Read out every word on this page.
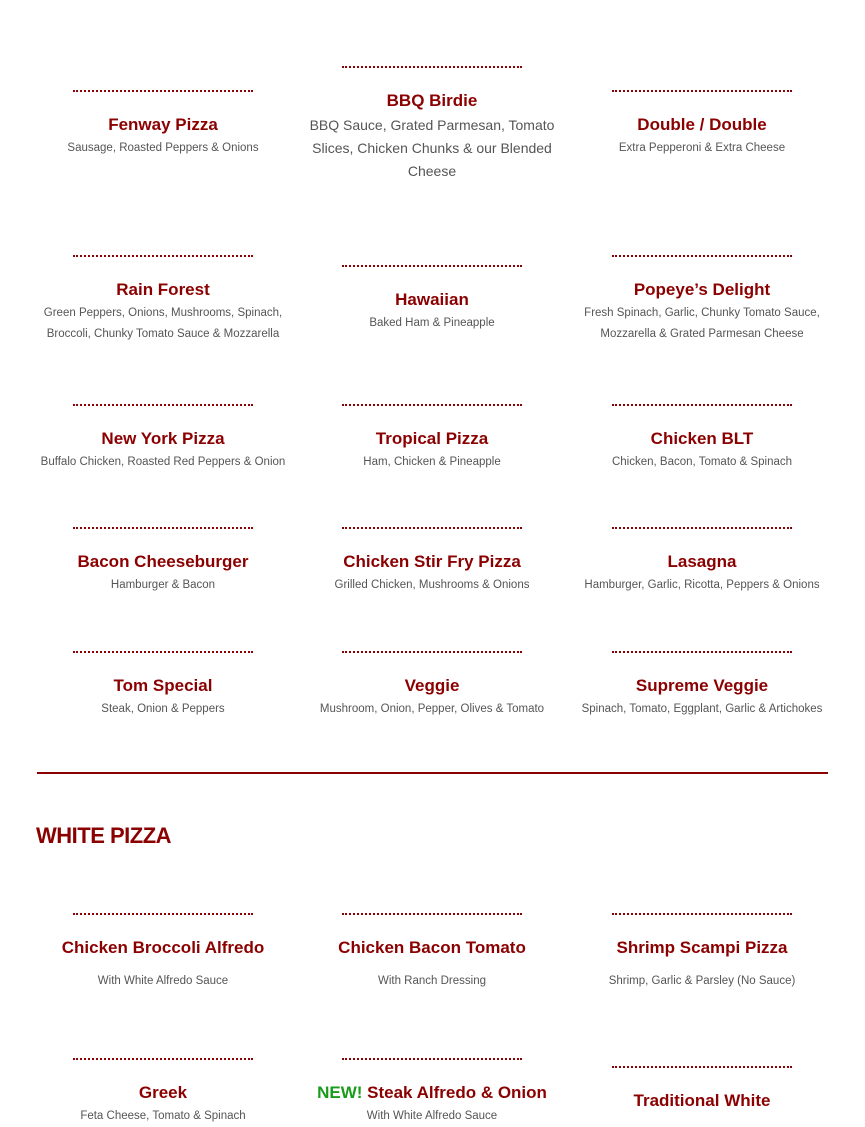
Fenway Pizza
Sausage, Roasted Peppers & Onions
BBQ Birdie
BBQ Sauce, Grated Parmesan, Tomato Slices, Chicken Chunks & our Blended Cheese
Double / Double
Extra Pepperoni & Extra Cheese
Rain Forest
Green Peppers, Onions, Mushrooms, Spinach, Broccoli, Chunky Tomato Sauce & Mozzarella
Hawaiian
Baked Ham & Pineapple
Popeye’s Delight
Fresh Spinach, Garlic, Chunky Tomato Sauce, Mozzarella & Grated Parmesan Cheese
New York Pizza
Buffalo Chicken, Roasted Red Peppers & Onion
Tropical Pizza
Ham, Chicken & Pineapple
Chicken BLT
Chicken, Bacon, Tomato & Spinach
Bacon Cheeseburger
Hamburger & Bacon
Chicken Stir Fry Pizza
Grilled Chicken, Mushrooms & Onions
Lasagna
Hamburger, Garlic, Ricotta, Peppers & Onions
Tom Special
Steak, Onion & Peppers
Veggie
Mushroom, Onion, Pepper, Olives & Tomato
Supreme Veggie
Spinach, Tomato, Eggplant, Garlic & Artichokes
WHITE PIZZA
Chicken Broccoli Alfredo
With White Alfredo Sauce
Chicken Bacon Tomato
With Ranch Dressing
Shrimp Scampi Pizza
Shrimp, Garlic & Parsley (No Sauce)
Greek
Feta Cheese, Tomato & Spinach
NEW! Steak Alfredo & Onion
With White Alfredo Sauce
Traditional White
